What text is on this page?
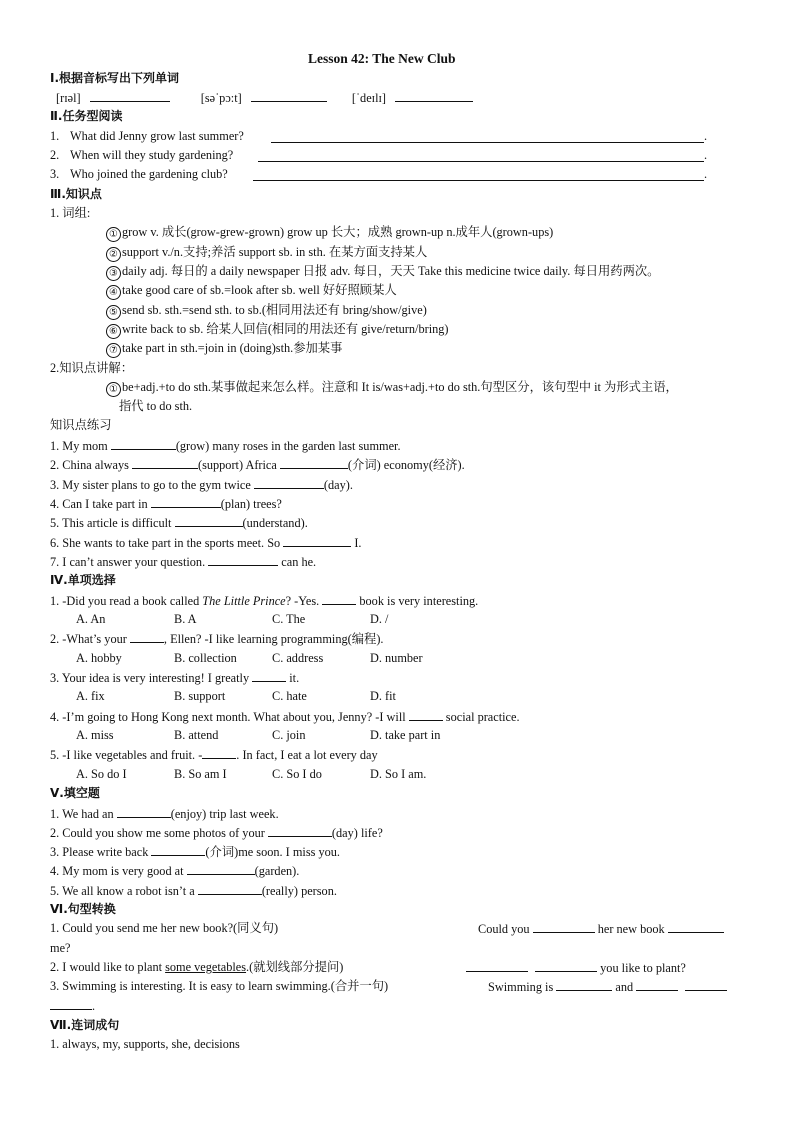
Lesson 42: The New Club
Ⅰ.根据音标写出下列单词
[rɪəl]	[səˈpɔ:t]	[ˈdeɪlɪ]
Ⅱ.任务型阅读
1. What did Jenny grow last summer?	.
2. When will they study gardening?	.
3. Who joined the gardening club?	.
Ⅲ.知识点
1. 词组:
① grow v. 成长(grow-grew-grown) grow up 长大；成熟 grown-up n.成年人(grown-ups)
② support v./n.支持;养活 support sb. in sth. 在某方面支持某人
③ daily adj. 每日的 a daily newspaper 日报 adv. 每日，天天 Take this medicine twice daily. 每日用药两次。
④ take good care of sb.=look after sb. well 好好照顾某人
⑤ send sb. sth.=send sth. to sb.(相同用法还有 bring/show/give)
⑥ write back to sb. 给某人回信(相同的用法还有 give/return/bring)
⑦ take part in sth.=join in (doing)sth.参加某事
2.知识点讲解：
① be+adj.+to do sth.某事做起来怎么样。注意和 It is/was+adj.+to do sth.句型区分，该句型中 it 为形式主语，
指代 to do sth.
知识点练习
1. My mom	(grow) many roses in the garden last summer.
2. China always	(support) Africa	(介词) economy(经济).
3. My sister plans to go to the gym twice	(day).
4. Can I take part in	(plan) trees?
5. This article is difficult	(understand).
6. She wants to take part in the sports meet. So	I.
7. I can’t answer your question.	can he.
Ⅳ.单项选择
1. -Did you read a book called The Little Prince? -Yes.	book is very interesting.
A. An	B. A	C. The	D. /
2. -What’s your	, Ellen? -I like learning programming(编程).
A. hobby	B. collection	C. address	D. number
3. Your idea is very interesting! I greatly	it.
A. fix	B. support	C. hate	D. fit
4. -I’m going to Hong Kong next month. What about you, Jenny? -I will	social practice.
A. miss	B. attend	C. join	D. take part in
5. -I like vegetables and fruit. -	. In fact, I eat a lot every day
A. So do I	B. So am I	C. So I do	D. So I am.
Ⅴ.填空题
1. We had an	(enjoy) trip last week.
2. Could you show me some photos of your	(day) life?
3. Please write back	(介词)me soon. I miss you.
4. My mom is very good at	(garden).
5. We all know a robot isn’t a	(really) person.
Ⅵ.句型转换
1. Could you send me her new book?(同义句)	Could you	her new book
me?
2. I would like to plant some vegetables.(就划线部分提问)	you like to plant?
3. Swimming is interesting. It is easy to learn swimming.(合并一句)	Swimming is	and
.
Ⅶ.连词成句
1. always, my, supports, she, decisions
